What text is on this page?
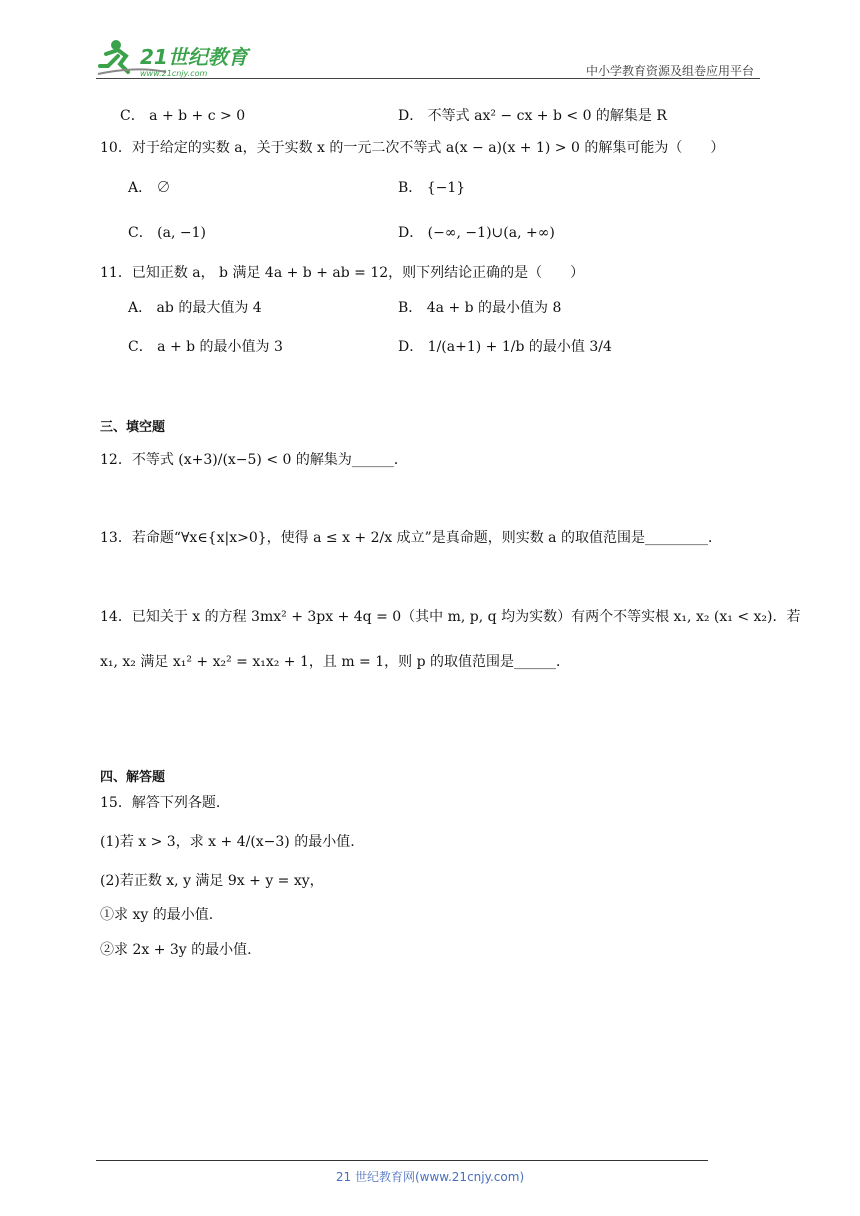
21世纪教育
www.21cnjy.com	中小学教育资源及组卷应用平台
C． a + b + c > 0	D． 不等式 ax² − cx + b < 0 的解集是 R
10．对于给定的实数 a，关于实数 x 的一元二次不等式 a(x − a)(x + 1) > 0 的解集可能为（　　）
A． ∅	B． {−1}
C． (a, −1)	D． (−∞, −1)∪(a, +∞)
11．已知正数 a， b 满足 4a + b + ab = 12，则下列结论正确的是（　　）
A． ab 的最大值为 4	B． 4a + b 的最小值为 8
C． a + b 的最小值为 3	D． 1/(a+1) + 1/b 的最小值 3/4
三、填空题
12．不等式 (x+3)/(x−5) < 0 的解集为______．
13．若命题“∀x∈{x|x>0}，使得 a ≤ x + 2/x 成立”是真命题，则实数 a 的取值范围是_________．
14．已知关于 x 的方程 3mx² + 3px + 4q = 0（其中 m, p, q 均为实数）有两个不等实根 x₁, x₂ (x₁ < x₂)．若
x₁, x₂ 满足 x₁² + x₂² = x₁x₂ + 1，且 m = 1，则 p 的取值范围是______．
四、解答题
15．解答下列各题.
(1)若 x > 3，求 x + 4/(x−3) 的最小值.
(2)若正数 x, y 满足 9x + y = xy，
①求 xy 的最小值.
②求 2x + 3y 的最小值.
21 世纪教育网(www.21cnjy.com)
